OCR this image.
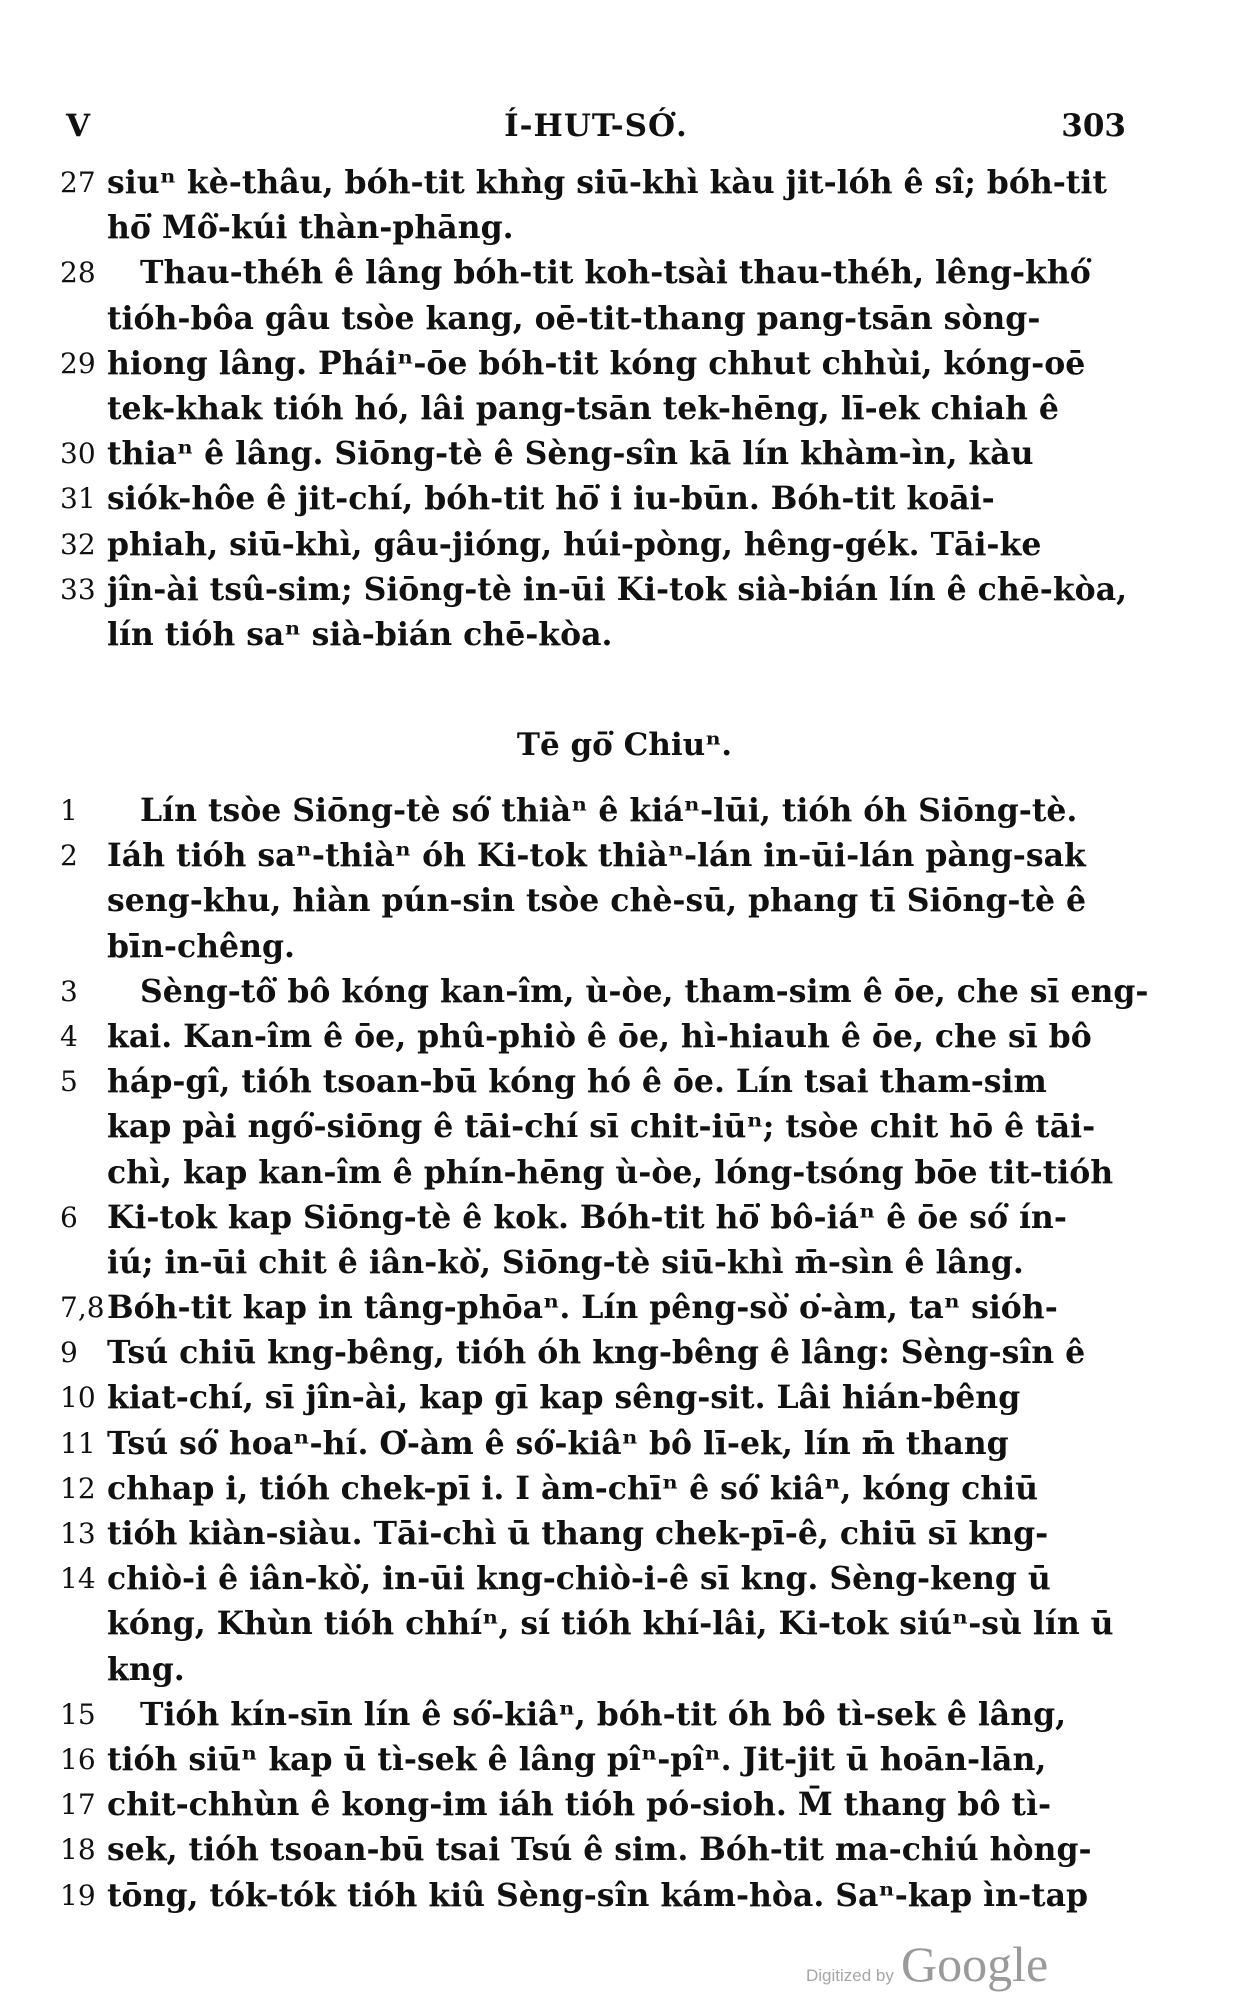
V	Í-HUT-SÓ͘.	303
27 siuⁿ kè-thâu, bóh-tit khǹg siū-khì kàu jit-lóh ê sî; bóh-tit
hō͘ Mô͘-kúi thàn-phāng.
28	Thau-théh ê lâng bóh-tit koh-tsài thau-théh, lêng-khó͘
tióh-bôa gâu tsòe kang, oē-tit-thang pang-tsān sòng-
29 hiong lâng. Pháiⁿ-ōe bóh-tit kóng chhut chhùi, kóng-oē
tek-khak tióh hó, lâi pang-tsān tek-hēng, lī-ek chiah ê
30 thiaⁿ ê lâng. Siōng-tè ê Sèng-sîn kā lín khàm-ìn, kàu
31 siók-hôe ê jit-chí, bóh-tit hō͘ i iu-būn. Bóh-tit koāi-
32 phiah, siū-khì, gâu-jióng, húi-pòng, hêng-gék. Tāi-ke
33 jîn-ài tsû-sim; Siōng-tè in-ūi Ki-tok sià-bián lín ê chē-kòa,
lín tióh saⁿ sià-bián chē-kòa.
Tē gō͘ Chiuⁿ.
1	Lín tsòe Siōng-tè só͘ thiàⁿ ê kiáⁿ-lūi, tióh óh Siōng-tè.
2 Iáh tióh saⁿ-thiàⁿ óh Ki-tok thiàⁿ-lán in-ūi-lán pàng-sak
seng-khu, hiàn pún-sin tsòe chè-sū, phang tī Siōng-tè ê
bīn-chêng.
3	Sèng-tô͘ bô kóng kan-îm, ù-òe, tham-sim ê ōe, che sī eng-
4 kai. Kan-îm ê ōe, phû-phiò ê ōe, hì-hiauh ê ōe, che sī bô
5 háp-gî, tióh tsoan-bū kóng hó ê ōe. Lín tsai tham-sim
kap pài ngó͘-siōng ê tāi-chí sī chit-iūⁿ; tsòe chit hō ê tāi-
chì, kap kan-îm ê phín-hēng ù-òe, lóng-tsóng bōe tit-tióh
6 Ki-tok kap Siōng-tè ê kok. Bóh-tit hō͘ bô-iáⁿ ê ōe só͘ ín-
iú; in-ūi chit ê iân-kò͘, Siōng-tè siū-khì m̄-sìn ê lâng.
7,8 Bóh-tit kap in tâng-phōaⁿ. Lín pêng-sò͘ o͘-àm, taⁿ sióh-
9 Tsú chiū kng-bêng, tióh óh kng-bêng ê lâng: Sèng-sîn ê
10 kiat-chí, sī jîn-ài, kap gī kap sêng-sit. Lâi hián-bêng
11 Tsú só͘ hoaⁿ-hí. O͘-àm ê só͘-kiâⁿ bô lī-ek, lín m̄ thang
12 chhap i, tióh chek-pī i. I àm-chīⁿ ê só͘ kiâⁿ, kóng chiū
13 tióh kiàn-siàu. Tāi-chì ū thang chek-pī-ê, chiū sī kng-
14 chiò-i ê iân-kò͘, in-ūi kng-chiò-i-ê sī kng. Sèng-keng ū
kóng, Khùn tióh chhíⁿ, sí tióh khí-lâi, Ki-tok siúⁿ-sù lín ū
kng.
15	Tióh kín-sīn lín ê só͘-kiâⁿ, bóh-tit óh bô tì-sek ê lâng,
16 tióh siūⁿ kap ū tì-sek ê lâng pîⁿ-pîⁿ. Jit-jit ū hoān-lān,
17 chit-chhùn ê kong-im iáh tióh pó-sioh. M̄ thang bô tì-
18 sek, tióh tsoan-bū tsai Tsú ê sim. Bóh-tit ma-chiú hòng-
19 tōng, tók-tók tióh kiû Sèng-sîn kám-hòa. Saⁿ-kap ìn-tap
Digitized by Google
